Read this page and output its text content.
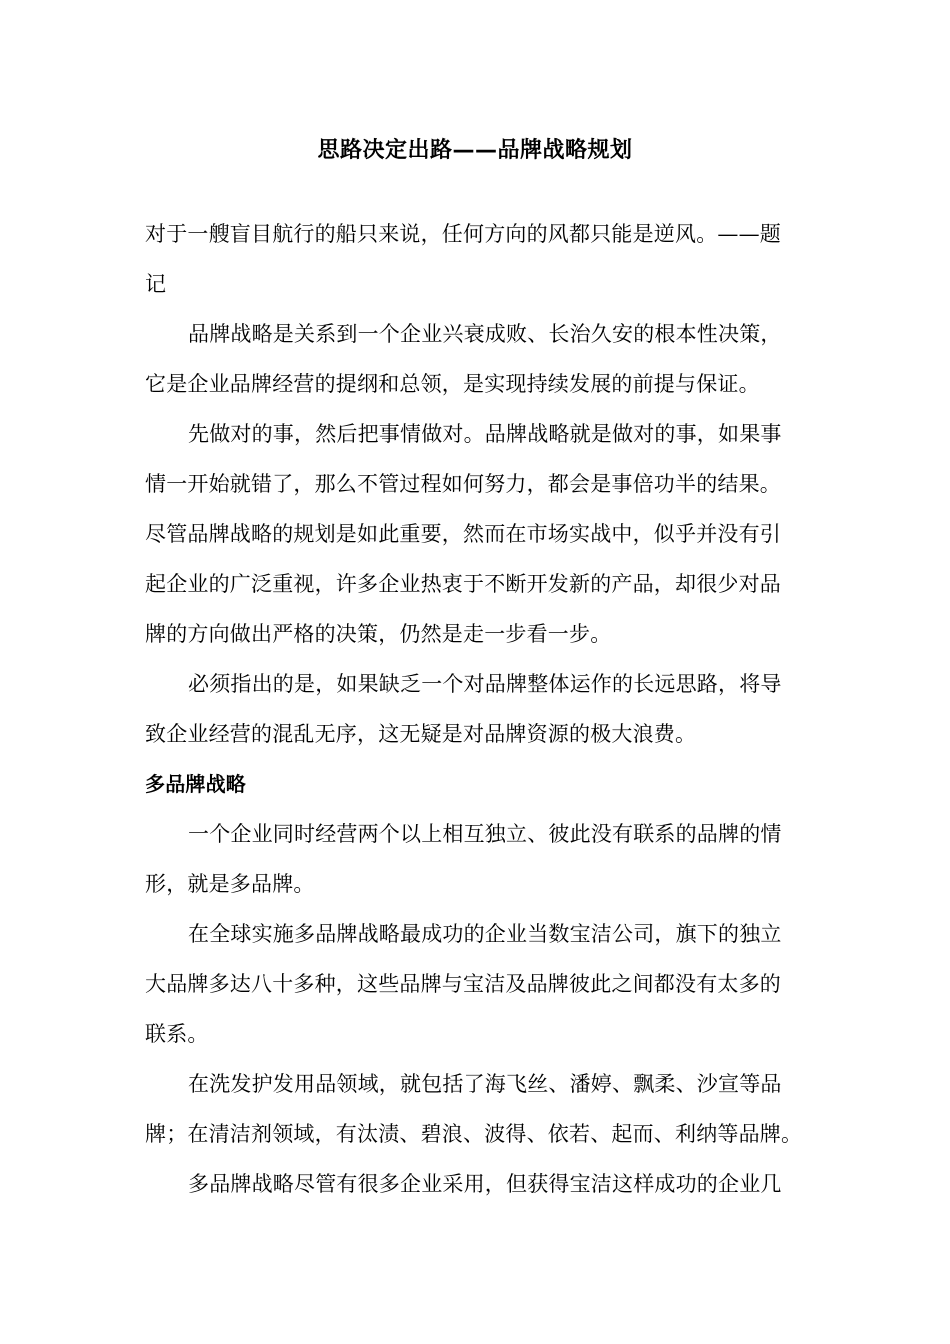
思路决定出路——品牌战略规划
对于一艘盲目航行的船只来说，任何方向的风都只能是逆风。——题
记
品牌战略是关系到一个企业兴衰成败、长治久安的根本性决策，
它是企业品牌经营的提纲和总领，是实现持续发展的前提与保证。
先做对的事，然后把事情做对。品牌战略就是做对的事，如果事
情一开始就错了，那么不管过程如何努力，都会是事倍功半的结果。
尽管品牌战略的规划是如此重要，然而在市场实战中，似乎并没有引
起企业的广泛重视，许多企业热衷于不断开发新的产品，却很少对品
牌的方向做出严格的决策，仍然是走一步看一步。
必须指出的是，如果缺乏一个对品牌整体运作的长远思路，将导
致企业经营的混乱无序，这无疑是对品牌资源的极大浪费。
多品牌战略
一个企业同时经营两个以上相互独立、彼此没有联系的品牌的情
形，就是多品牌。
在全球实施多品牌战略最成功的企业当数宝洁公司，旗下的独立
大品牌多达八十多种，这些品牌与宝洁及品牌彼此之间都没有太多的
联系。
在洗发护发用品领域，就包括了海飞丝、潘婷、飘柔、沙宣等品
牌；在清洁剂领域，有汰渍、碧浪、波得、依若、起而、利纳等品牌。
多品牌战略尽管有很多企业采用，但获得宝洁这样成功的企业几
